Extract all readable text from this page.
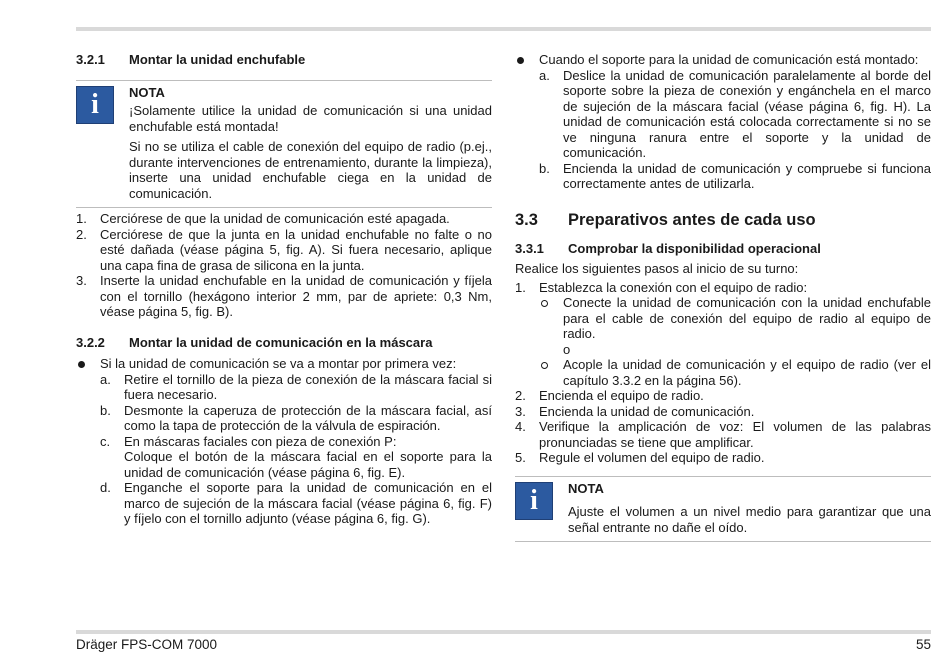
3.2.1	Montar la unidad enchufable
i NOTA

¡Solamente utilice la unidad de comunicación si una unidad enchufable está montada!

Si no se utiliza el cable de conexión del equipo de radio (p.ej., durante intervenciones de entrenamiento, durante la limpieza), inserte una unidad enchufable ciega en la unidad de comunicación.

1.	Cerciórese de que la unidad de comunicación esté apagada.
2.	Cerciórese de que la junta en la unidad enchufable no falte o no esté dañada (véase página 5, fig. A). Si fuera necesario, aplique una capa fina de grasa de silicona en la junta.
3.	Inserte la unidad enchufable en la unidad de comunicación y fíjela con el tornillo (hexágono interior 2 mm, par de apriete: 0,3 Nm, véase página 5, fig. B).
3.2.2	Montar la unidad de comunicación en la máscara
Si la unidad de comunicación se va a montar por primera vez:
a.	Retire el tornillo de la pieza de conexión de la máscara facial si fuera necesario.
b.	Desmonte la caperuza de protección de la máscara facial, así como la tapa de protección de la válvula de espiración.
c.	En máscaras faciales con pieza de conexión P:
Coloque el botón de la máscara facial en el soporte para la unidad de comunicación (véase página 6, fig. E).
d.	Enganche el soporte para la unidad de comunicación en el marco de sujeción de la máscara facial (véase página 6, fig. F) y fíjelo con el tornillo adjunto (véase página 6, fig. G).
Cuando el soporte para la unidad de comunicación está montado:
a.	Deslice la unidad de comunicación paralelamente al borde del soporte sobre la pieza de conexión y engánchela en el marco de sujeción de la máscara facial (véase página 6, fig. H). La unidad de comunicación está colocada correctamente si no se ve ninguna ranura entre el soporte y la unidad de comunicación.
b.	Encienda la unidad de comunicación y compruebe si funciona correctamente antes de utilizarla.
3.3	Preparativos antes de cada uso
3.3.1	Comprobar la disponibilidad operacional
Realice los siguientes pasos al inicio de su turno:
1.	Establezca la conexión con el equipo de radio:
Conecte la unidad de comunicación con la unidad enchufable para el cable de conexión del equipo de radio al equipo de radio.
o
Acople la unidad de comunicación y el equipo de radio (ver el capítulo 3.3.2 en la página 56).
2.	Encienda el equipo de radio.
3.	Encienda la unidad de comunicación.
4.	Verifique la amplicación de voz: El volumen de las palabras pronunciadas se tiene que amplificar.
5.	Regule el volumen del equipo de radio.
i NOTA

Ajuste el volumen a un nivel medio para garantizar que una señal entrante no dañe el oído.

Dräger FPS-COM 7000	55
